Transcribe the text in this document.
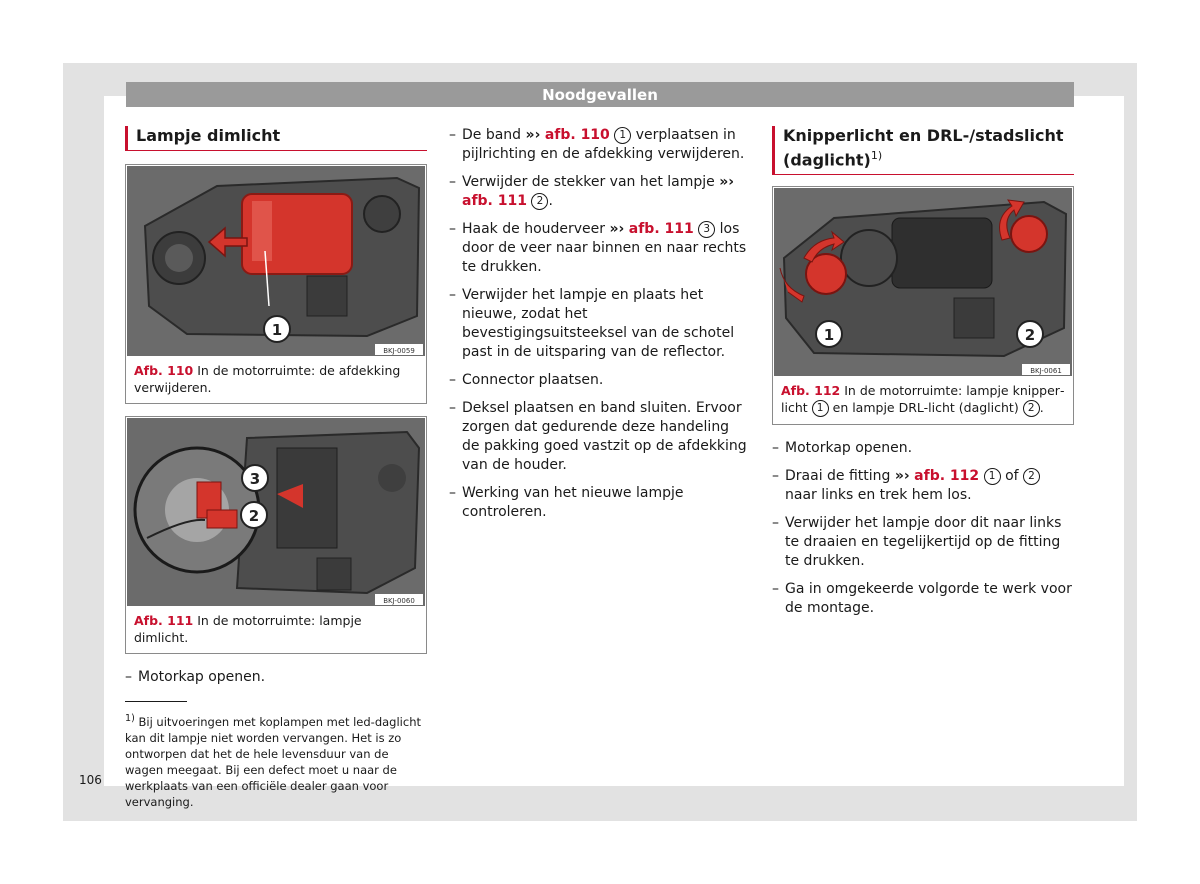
Noodgevallen
Lampje dimlicht
1
BKJ-0059
Afb. 110 In de motorruimte: de afdekking verwijderen.
3
2
BKJ-0060
Afb. 111 In de motorruimte: lampje dimlicht.
– Motorkap openen.
$^{1)}$ Bij uitvoeringen met koplampen met led-daglicht kan dit lampje niet worden vervangen. Het is zo ontworpen dat het de hele levensduur van de wagen meegaat. Bij een defect moet u naar de werkplaats van een officiële dealer gaan voor vervanging.
– De band »› afb. 110 1 verplaatsen in pijlrichting en de afdekking verwijderen.
– Verwijder de stekker van het lampje »› afb. 111 2 .
– Haak de houderveer »› afb. 111 3 los door de veer naar binnen en naar rechts te drukken.
– Verwijder het lampje en plaats het nieuwe, zodat het bevestigingsuitsteeksel van de schotel past in de uitsparing van de reflector.
– Connector plaatsen.
– Deksel plaatsen en band sluiten. Ervoor zorgen dat gedurende deze handeling de pakking goed vastzit op de afdekking van de houder.
– Werking van het nieuwe lampje controleren.
Knipperlicht en DRL-/stadslicht (daglicht)$^{1)}$
1	2
BKJ-0061
Afb. 112 In de motorruimte: lampje knipperlicht 1 en lampje DRL-licht (daglicht) 2 .
– Motorkap openen.
– Draai de fitting »› afb. 112 1 of 2 naar links en trek hem los.
– Verwijder het lampje door dit naar links te draaien en tegelijkertijd op de fitting te drukken.
– Ga in omgekeerde volgorde te werk voor de montage.
106
